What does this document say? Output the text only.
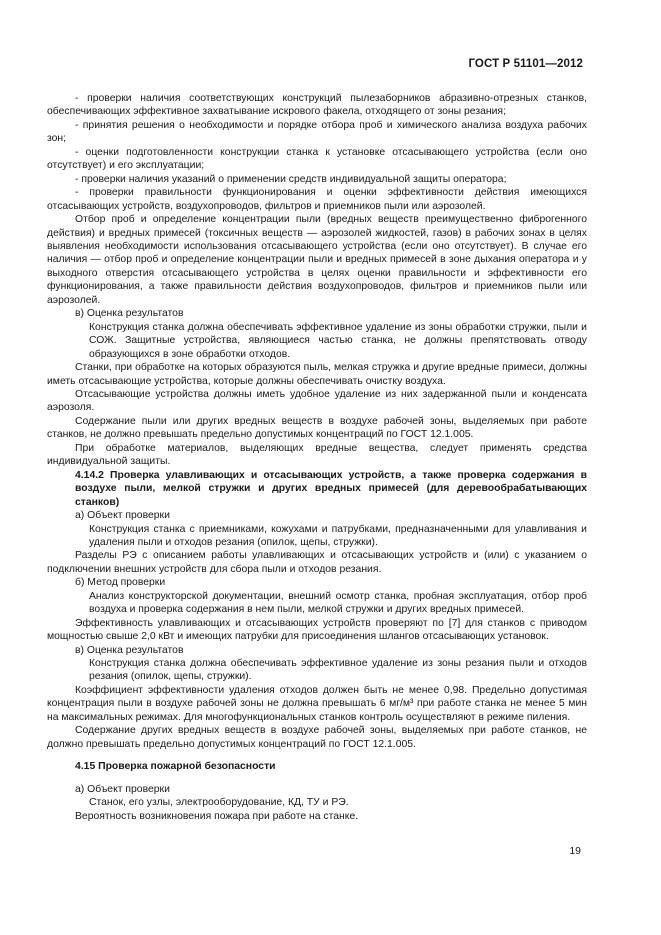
ГОСТ Р 51101—2012

- проверки наличия соответствующих конструкций пылезаборников абразивно-отрезных станков, обеспечивающих эффективное захватывание искрового факела, отходящего от зоны резания;

- принятия решения о необходимости и порядке отбора проб и химического анализа воздуха рабочих зон;

- оценки подготовленности конструкции станка к установке отсасывающего устройства (если оно отсутствует) и его эксплуатации;

- проверки наличия указаний о применении средств индивидуальной защиты оператора;

- проверки правильности функционирования и оценки эффективности действия имеющихся отсасывающих устройств, воздухопроводов, фильтров и приемников пыли или аэрозолей.

Отбор проб и определение концентрации пыли (вредных веществ преимущественно фиброгенного действия) и вредных примесей (токсичных веществ — аэрозолей жидкостей, газов) в рабочих зонах в целях выявления необходимости использования отсасывающего устройства (если оно отсутствует). В случае его наличия — отбор проб и определение концентрации пыли и вредных примесей в зоне дыхания оператора и у выходного отверстия отсасывающего устройства в целях оценки правильности и эффективности его функционирования, а также правильности действия воздухопроводов, фильтров и приемников пыли или аэрозолей.

в) Оценка результатов

Конструкция станка должна обеспечивать эффективное удаление из зоны обработки стружки, пыли и СОЖ. Защитные устройства, являющиеся частью станка, не должны препятствовать отводу образующихся в зоне обработки отходов.

Станки, при обработке на которых образуются пыль, мелкая стружка и другие вредные примеси, должны иметь отсасывающие устройства, которые должны обеспечивать очистку воздуха.

Отсасывающие устройства должны иметь удобное удаление из них задержанной пыли и конденсата аэрозоля.

Содержание пыли или других вредных веществ в воздухе рабочей зоны, выделяемых при работе станков, не должно превышать предельно допустимых концентраций по ГОСТ 12.1.005.

При обработке материалов, выделяющих вредные вещества, следует применять средства индивидуальной защиты.

4.14.2 Проверка улавливающих и отсасывающих устройств, а также проверка содержания в воздухе пыли, мелкой стружки и других вредных примесей (для деревообрабатывающих станков)

а) Объект проверки

Конструкция станка с приемниками, кожухами и патрубками, предназначенными для улавливания и удаления пыли и отходов резания (опилок, щепы, стружки).

Разделы РЭ с описанием работы улавливающих и отсасывающих устройств и (или) с указанием о подключении внешних устройств для сбора пыли и отходов резания.

б) Метод проверки

Анализ конструкторской документации, внешний осмотр станка, пробная эксплуатация, отбор проб воздуха и проверка содержания в нем пыли, мелкой стружки и других вредных примесей.

Эффективность улавливающих и отсасывающих устройств проверяют по [7] для станков с приводом мощностью свыше 2,0 кВт и имеющих патрубки для присоединения шлангов отсасывающих установок.

в) Оценка результатов

Конструкция станка должна обеспечивать эффективное удаление из зоны резания пыли и отходов резания (опилок, щепы, стружки).

Коэффициент эффективности удаления отходов должен быть не менее 0,98. Предельно допустимая концентрация пыли в воздухе рабочей зоны не должна превышать 6 мг/м³ при работе станка не менее 5 мин на максимальных режимах. Для многофункциональных станков контроль осуществляют в режиме пиления.

Содержание других вредных веществ в воздухе рабочей зоны, выделяемых при работе станков, не должно превышать предельно допустимых концентраций по ГОСТ 12.1.005.

4.15 Проверка пожарной безопасности

а) Объект проверки

Станок, его узлы, электрооборудование, КД, ТУ и РЭ.

Вероятность возникновения пожара при работе на станке.

19
